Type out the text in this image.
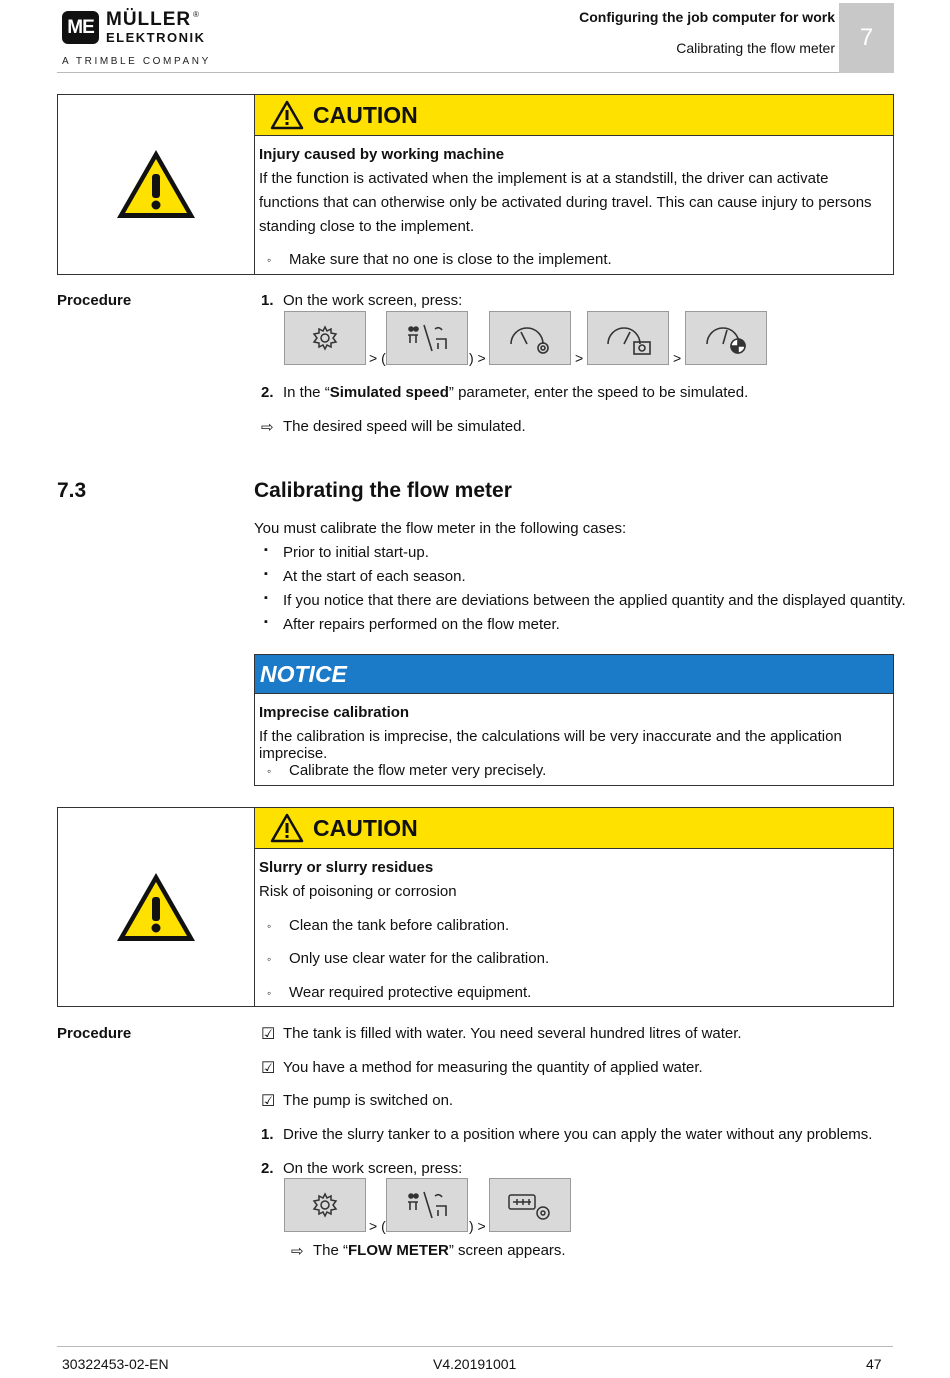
ME MÜLLER ®
ELEKTRONIK
A TRIMBLE COMPANY
Configuring the job computer for work
Calibrating the flow meter 7
CAUTION
Injury caused by working machine
If the function is activated when the implement is at a standstill, the driver can activate functions that can otherwise only be activated during travel. This can cause injury to persons standing close to the implement.
◦ Make sure that no one is close to the implement.
Procedure	1. On the work screen, press:
> (	) >	>	>
2. In the “Simulated speed” parameter, enter the speed to be simulated.
⇨ The desired speed will be simulated.
7.3	Calibrating the flow meter
You must calibrate the flow meter in the following cases:
▪ Prior to initial start-up.
▪ At the start of each season.
▪ If you notice that there are deviations between the applied quantity and the displayed quantity.
▪ After repairs performed on the flow meter.
NOTICE
Imprecise calibration
If the calibration is imprecise, the calculations will be very inaccurate and the application imprecise.
◦ Calibrate the flow meter very precisely.
CAUTION
Slurry or slurry residues
Risk of poisoning or corrosion
◦ Clean the tank before calibration.
◦ Only use clear water for the calibration.
◦ Wear required protective equipment.
Procedure	☑ The tank is filled with water. You need several hundred litres of water.
☑ You have a method for measuring the quantity of applied water.
☑ The pump is switched on.
1. Drive the slurry tanker to a position where you can apply the water without any problems.
2. On the work screen, press:
> (	) >
⇨ The “FLOW METER” screen appears.
30322453-02-EN	V4.20191001	47
